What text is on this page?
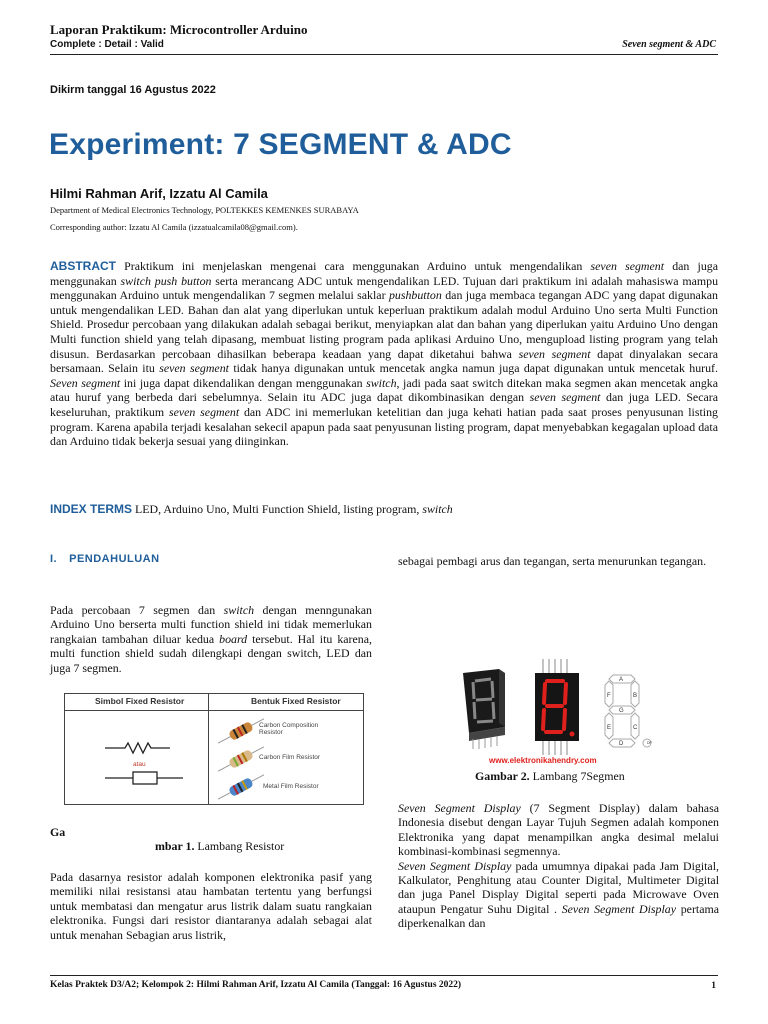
Laporan Praktikum: Microcontroller Arduino
Complete : Detail : Valid	Seven segment & ADC
Dikirm tanggal 16 Agustus 2022
Experiment: 7 SEGMENT & ADC
Hilmi Rahman Arif, Izzatu Al Camila
Department of Medical Electronics Technology, POLTEKKES KEMENKES SURABAYA
Corresponding author: Izzatu Al Camila (izzatualcamila08@gmail.com).
ABSTRACT Praktikum ini menjelaskan mengenai cara menggunakan Arduino untuk mengendalikan seven segment dan juga menggunakan switch push button serta merancang ADC untuk mengendalikan LED. Tujuan dari praktikum ini adalah mahasiswa mampu menggunakan Arduino untuk mengendalikan 7 segmen melalui saklar pushbutton dan juga membaca tegangan ADC yang dapat digunakan untuk mengendalikan LED. Bahan dan alat yang diperlukan untuk keperluan praktikum adalah modul Arduino Uno serta Multi Function Shield. Prosedur percobaan yang dilakukan adalah sebagai berikut, menyiapkan alat dan bahan yang diperlukan yaitu Arduino Uno dengan Multi function shield yang telah dipasang, membuat listing program pada aplikasi Arduino Uno, mengupload listing program yang telah disusun. Berdasarkan percobaan dihasilkan beberapa keadaan yang dapat diketahui bahwa seven segment dapat dinyalakan secara bersamaan. Selain itu seven segment tidak hanya digunakan untuk mencetak angka namun juga dapat digunakan untuk mencetak huruf. Seven segment ini juga dapat dikendalikan dengan menggunakan switch, jadi pada saat switch ditekan maka segmen akan mencetak angka atau huruf yang berbeda dari sebelumnya. Selain itu ADC juga dapat dikombinasikan dengan seven segment dan juga LED. Secara keseluruhan, praktikum seven segment dan ADC ini memerlukan ketelitian dan juga kehati hatian pada saat proses penyusunan listing program. Karena apabila terjadi kesalahan sekecil apapun pada saat penyusunan listing program, dapat menyebabkan kegagalan upload data dan Arduino tidak bekerja sesuai yang diinginkan.
INDEX TERMS LED, Arduino Uno, Multi Function Shield, listing program, switch
I. PENDAHULUAN
Pada percobaan 7 segmen dan switch dengan menngunakan Arduino Uno berserta multi function shield ini tidak memerlukan rangkaian tambahan diluar kedua board tersebut. Hal itu karena, multi function shield sudah dilengkapi dengan switch, LED dan juga 7 segmen.
sebagai pembagi arus dan tegangan, serta menurunkan tegangan.
Simbol Fixed Resistor	Bentuk Fixed Resistor
atau
Carbon Composition Resistor
Carbon Film Resistor
Metal Film Resistor
Ga
mbar 1. Lambang Resistor
Pada dasarnya resistor adalah komponen elektronika pasif yang memiliki nilai resistansi atau hambatan tertentu yang berfungsi untuk membatasi dan mengatur arus listrik dalam suatu rangkaian elektronika. Fungsi dari resistor diantaranya adalah sebagai alat untuk menahan Sebagian arus listrik,
A
B
C
D
E
F
G
DP
www.elektronikahendry.com
Gambar 2. Lambang 7Segmen
Seven Segment Display (7 Segment Display) dalam bahasa Indonesia disebut dengan Layar Tujuh Segmen adalah komponen Elektronika yang dapat menampilkan angka desimal melalui kombinasi-kombinasi segmennya.
Seven Segment Display pada umumnya dipakai pada Jam Digital, Kalkulator, Penghitung atau Counter Digital, Multimeter Digital dan juga Panel Display Digital seperti pada Microwave Oven ataupun Pengatur Suhu Digital . Seven Segment Display pertama diperkenalkan dan
Kelas Praktek D3/A2; Kelompok 2: Hilmi Rahman Arif, Izzatu Al Camila (Tanggal: 16 Agustus 2022)	1
